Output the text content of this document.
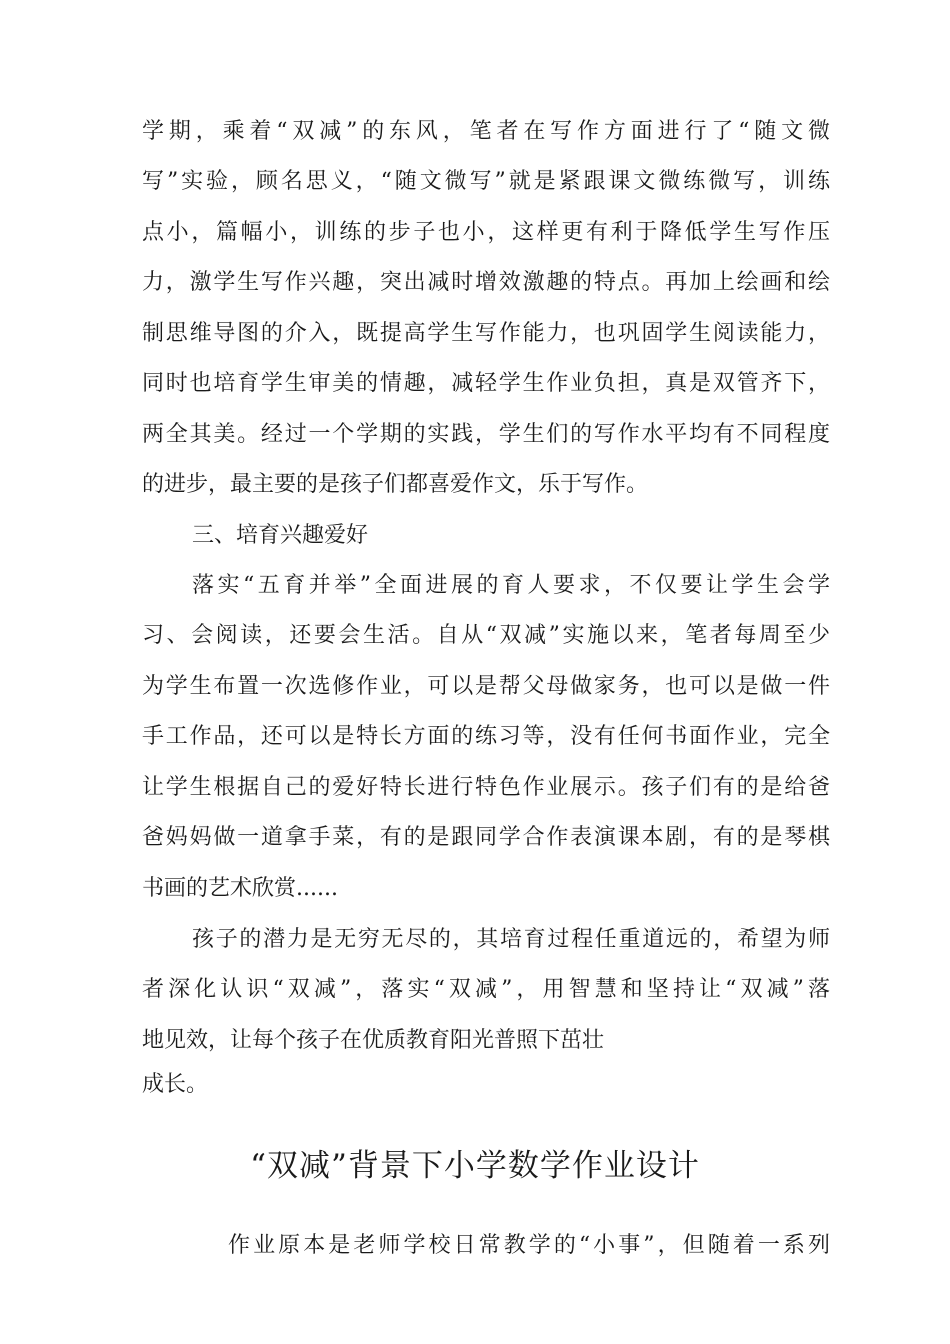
学期，乘着“双减”的东风，笔者在写作方面进行了“随文微
写”实验，顾名思义，“随文微写”就是紧跟课文微练微写，训练
点小，篇幅小，训练的步子也小，这样更有利于降低学生写作压
力，激学生写作兴趣，突出减时增效激趣的特点。再加上绘画和绘
制思维导图的介入，既提高学生写作能力，也巩固学生阅读能力，
同时也培育学生审美的情趣，减轻学生作业负担，真是双管齐下，
两全其美。经过一个学期的实践，学生们的写作水平均有不同程度
的进步，最主要的是孩子们都喜爱作文，乐于写作。
三、培育兴趣爱好
落实“五育并举”全面进展的育人要求，不仅要让学生会学
习、会阅读，还要会生活。自从“双减”实施以来，笔者每周至少
为学生布置一次选修作业，可以是帮父母做家务，也可以是做一件
手工作品，还可以是特长方面的练习等，没有任何书面作业，完全
让学生根据自己的爱好特长进行特色作业展示。孩子们有的是给爸
爸妈妈做一道拿手菜，有的是跟同学合作表演课本剧，有的是琴棋
书画的艺术欣赏......
孩子的潜力是无穷无尽的，其培育过程任重道远的，希望为师
者深化认识“双减”，落实“双减”，用智慧和坚持让“双减”落
地见效，让每个孩子在优质教育阳光普照下茁壮
成长。
“双减”背景下小学数学作业设计
作业原本是老师学校日常教学的“小事”，但随着一系列
